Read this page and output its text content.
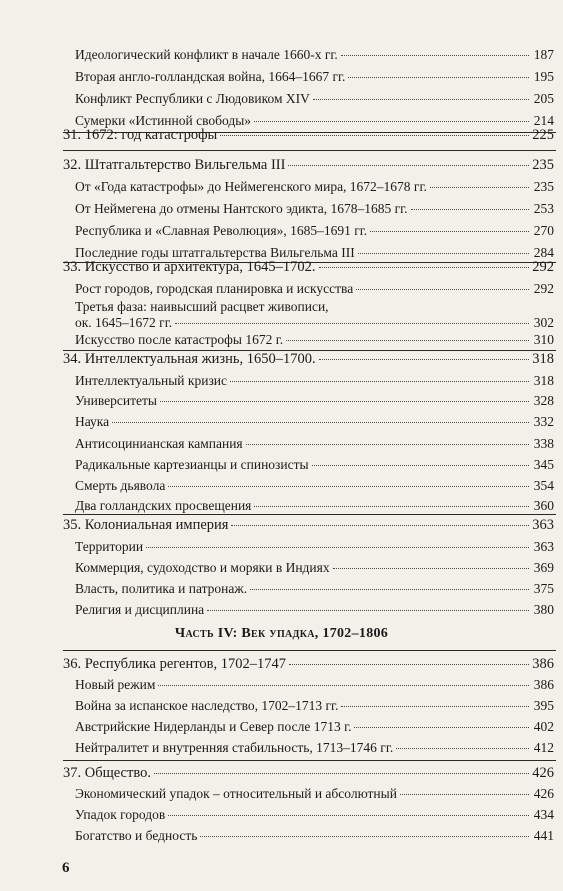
Идеологический конфликт в начале 1660-х гг.	187
Вторая англо-голландская война, 1664–1667 гг.	195
Конфликт Республики с Людовиком XIV	205
Сумерки «Истинной свободы»	214
31. 1672: год катастрофы	225
32. Штатгальтерство Вильгельма III	235
От «Года катастрофы» до Неймегенского мира, 1672–1678 гг.	235
От Неймегена до отмены Нантского эдикта, 1678–1685 гг.	253
Республика и «Славная Революция», 1685–1691 гг.	270
Последние годы штатгальтерства Вильгельма III	284
33. Искусство и архитектура, 1645–1702.	292
Рост городов, городская планировка и искусства	292
Третья фаза: наивысший расцвет живописи,
ок. 1645–1672 гг.	302
Искусство после катастрофы 1672 г.	310
34. Интеллектуальная жизнь, 1650–1700.	318
Интеллектуальный кризис	318
Университеты	328
Наука	332
Антисоцинианская кампания	338
Радикальные картезианцы и спинозисты	345
Смерть дьявола	354
Два голландских просвещения	360
35. Колониальная империя	363
Территории	363
Коммерция, судоходство и моряки в Индиях	369
Власть, политика и патронаж.	375
Религия и дисциплина	380
Часть IV: Век упадка, 1702–1806
36. Республика регентов, 1702–1747	386
Новый режим	386
Война за испанское наследство, 1702–1713 гг.	395
Австрийские Нидерланды и Север после 1713 г.	402
Нейтралитет и внутренняя стабильность, 1713–1746 гг.	412
37. Общество.	426
Экономический упадок – относительный и абсолютный	426
Упадок городов	434
Богатство и бедность	441
6
